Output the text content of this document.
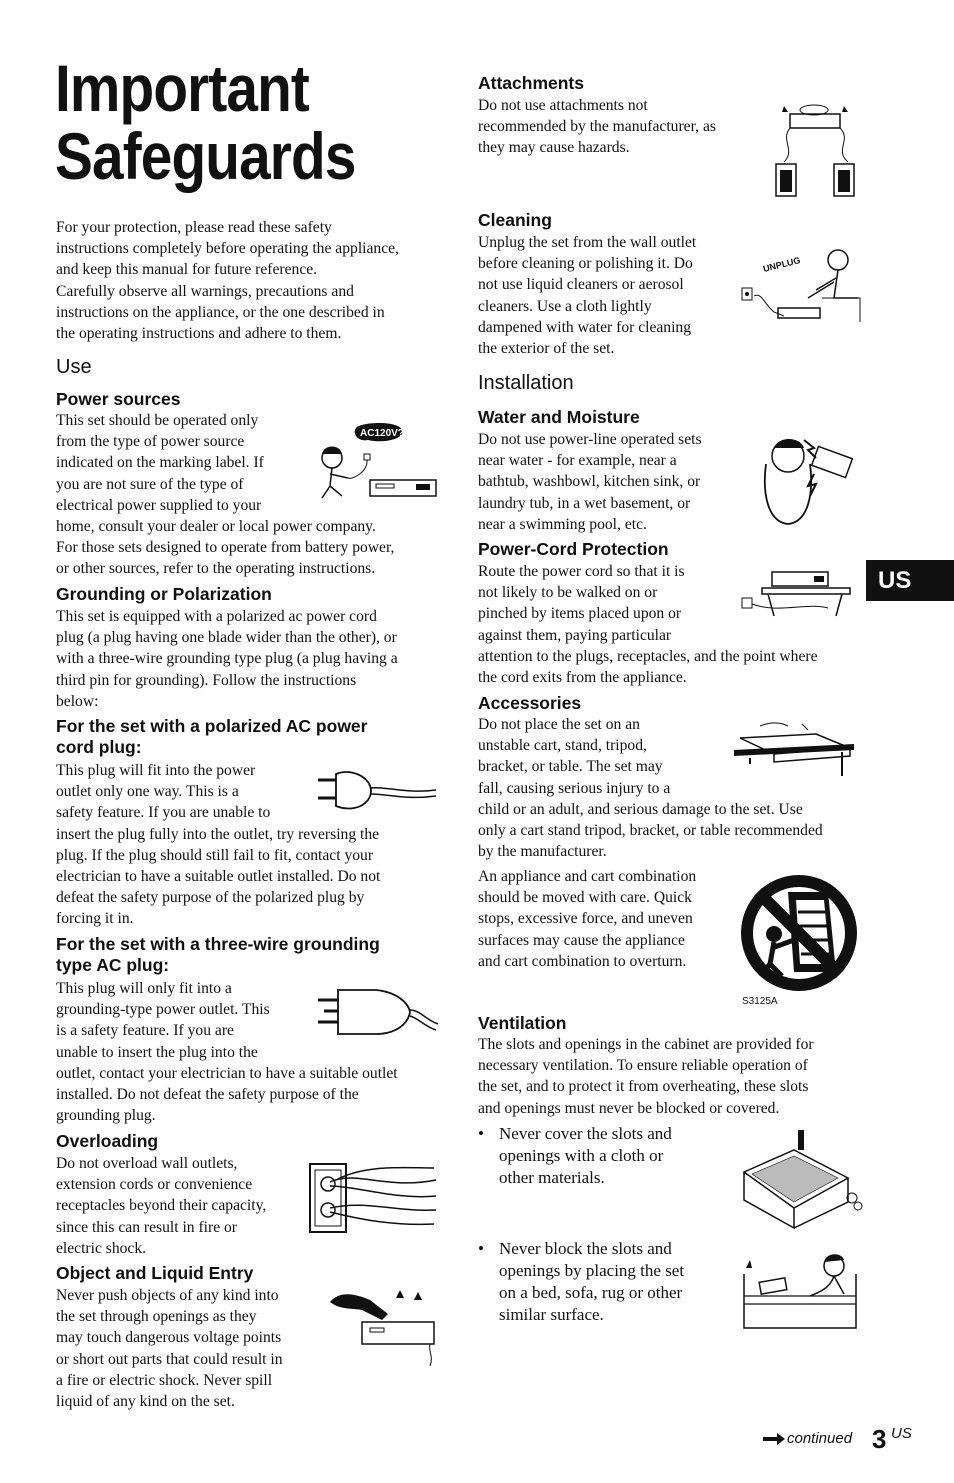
Important
Safeguards
For your protection, please read these safety
instructions completely before operating the appliance,
and keep this manual for future reference.
Carefully observe all warnings, precautions and
instructions on the appliance, or the one described in
the operating instructions and adhere to them.
Use
Power sources
This set should be operated only
from the type of power source
indicated on the marking label. If
you are not sure of the type of
electrical power supplied to your
home, consult your dealer or local power company.
For those sets designed to operate from battery power,
or other sources, refer to the operating instructions.
AC120V?
Grounding or Polarization
This set is equipped with a polarized ac power cord
plug (a plug having one blade wider than the other), or
with a three-wire grounding type plug (a plug having a
third pin for grounding). Follow the instructions
below:
For the set with a polarized AC power
cord plug:
This plug will fit into the power
outlet only one way. This is a
safety feature. If you are unable to
insert the plug fully into the outlet, try reversing the
plug. If the plug should still fail to fit, contact your
electrician to have a suitable outlet installed. Do not
defeat the safety purpose of the polarized plug by
forcing it in.
For the set with a three-wire grounding
type AC plug:
This plug will only fit into a
grounding-type power outlet. This
is a safety feature. If you are
unable to insert the plug into the
outlet, contact your electrician to have a suitable outlet
installed. Do not defeat the safety purpose of the
grounding plug.
Overloading
Do not overload wall outlets,
extension cords or convenience
receptacles beyond their capacity,
since this can result in fire or
electric shock.
Object and Liquid Entry
Never push objects of any kind into
the set through openings as they
may touch dangerous voltage points
or short out parts that could result in
a fire or electric shock. Never spill
liquid of any kind on the set.
Attachments
Do not use attachments not
recommended by the manufacturer, as
they may cause hazards.
Cleaning
Unplug the set from the wall outlet
before cleaning or polishing it. Do
not use liquid cleaners or aerosol
cleaners. Use a cloth lightly
dampened with water for cleaning
the exterior of the set.
UNPLUG
Installation
Water and Moisture
Do not use power-line operated sets
near water - for example, near a
bathtub, washbowl, kitchen sink, or
laundry tub, in a wet basement, or
near a swimming pool, etc.
Power-Cord Protection
Route the power cord so that it is
not likely to be walked on or
pinched by items placed upon or
against them, paying particular
attention to the plugs, receptacles, and the point where
the cord exits from the appliance.
Accessories
Do not place the set on an
unstable cart, stand, tripod,
bracket, or table. The set may
fall, causing serious injury to a
child or an adult, and serious damage to the set. Use
only a cart stand tripod, bracket, or table recommended
by the manufacturer.
An appliance and cart combination
should be moved with care. Quick
stops, excessive force, and uneven
surfaces may cause the appliance
and cart combination to overturn.
S3125A
Ventilation
The slots and openings in the cabinet are provided for
necessary ventilation. To ensure reliable operation of
the set, and to protect it from overheating, these slots
and openings must never be blocked or covered.
• Never cover the slots and
openings with a cloth or
other materials.
• Never block the slots and
openings by placing the set
on a bed, sofa, rug or other
similar surface.
US
continued 3 US
